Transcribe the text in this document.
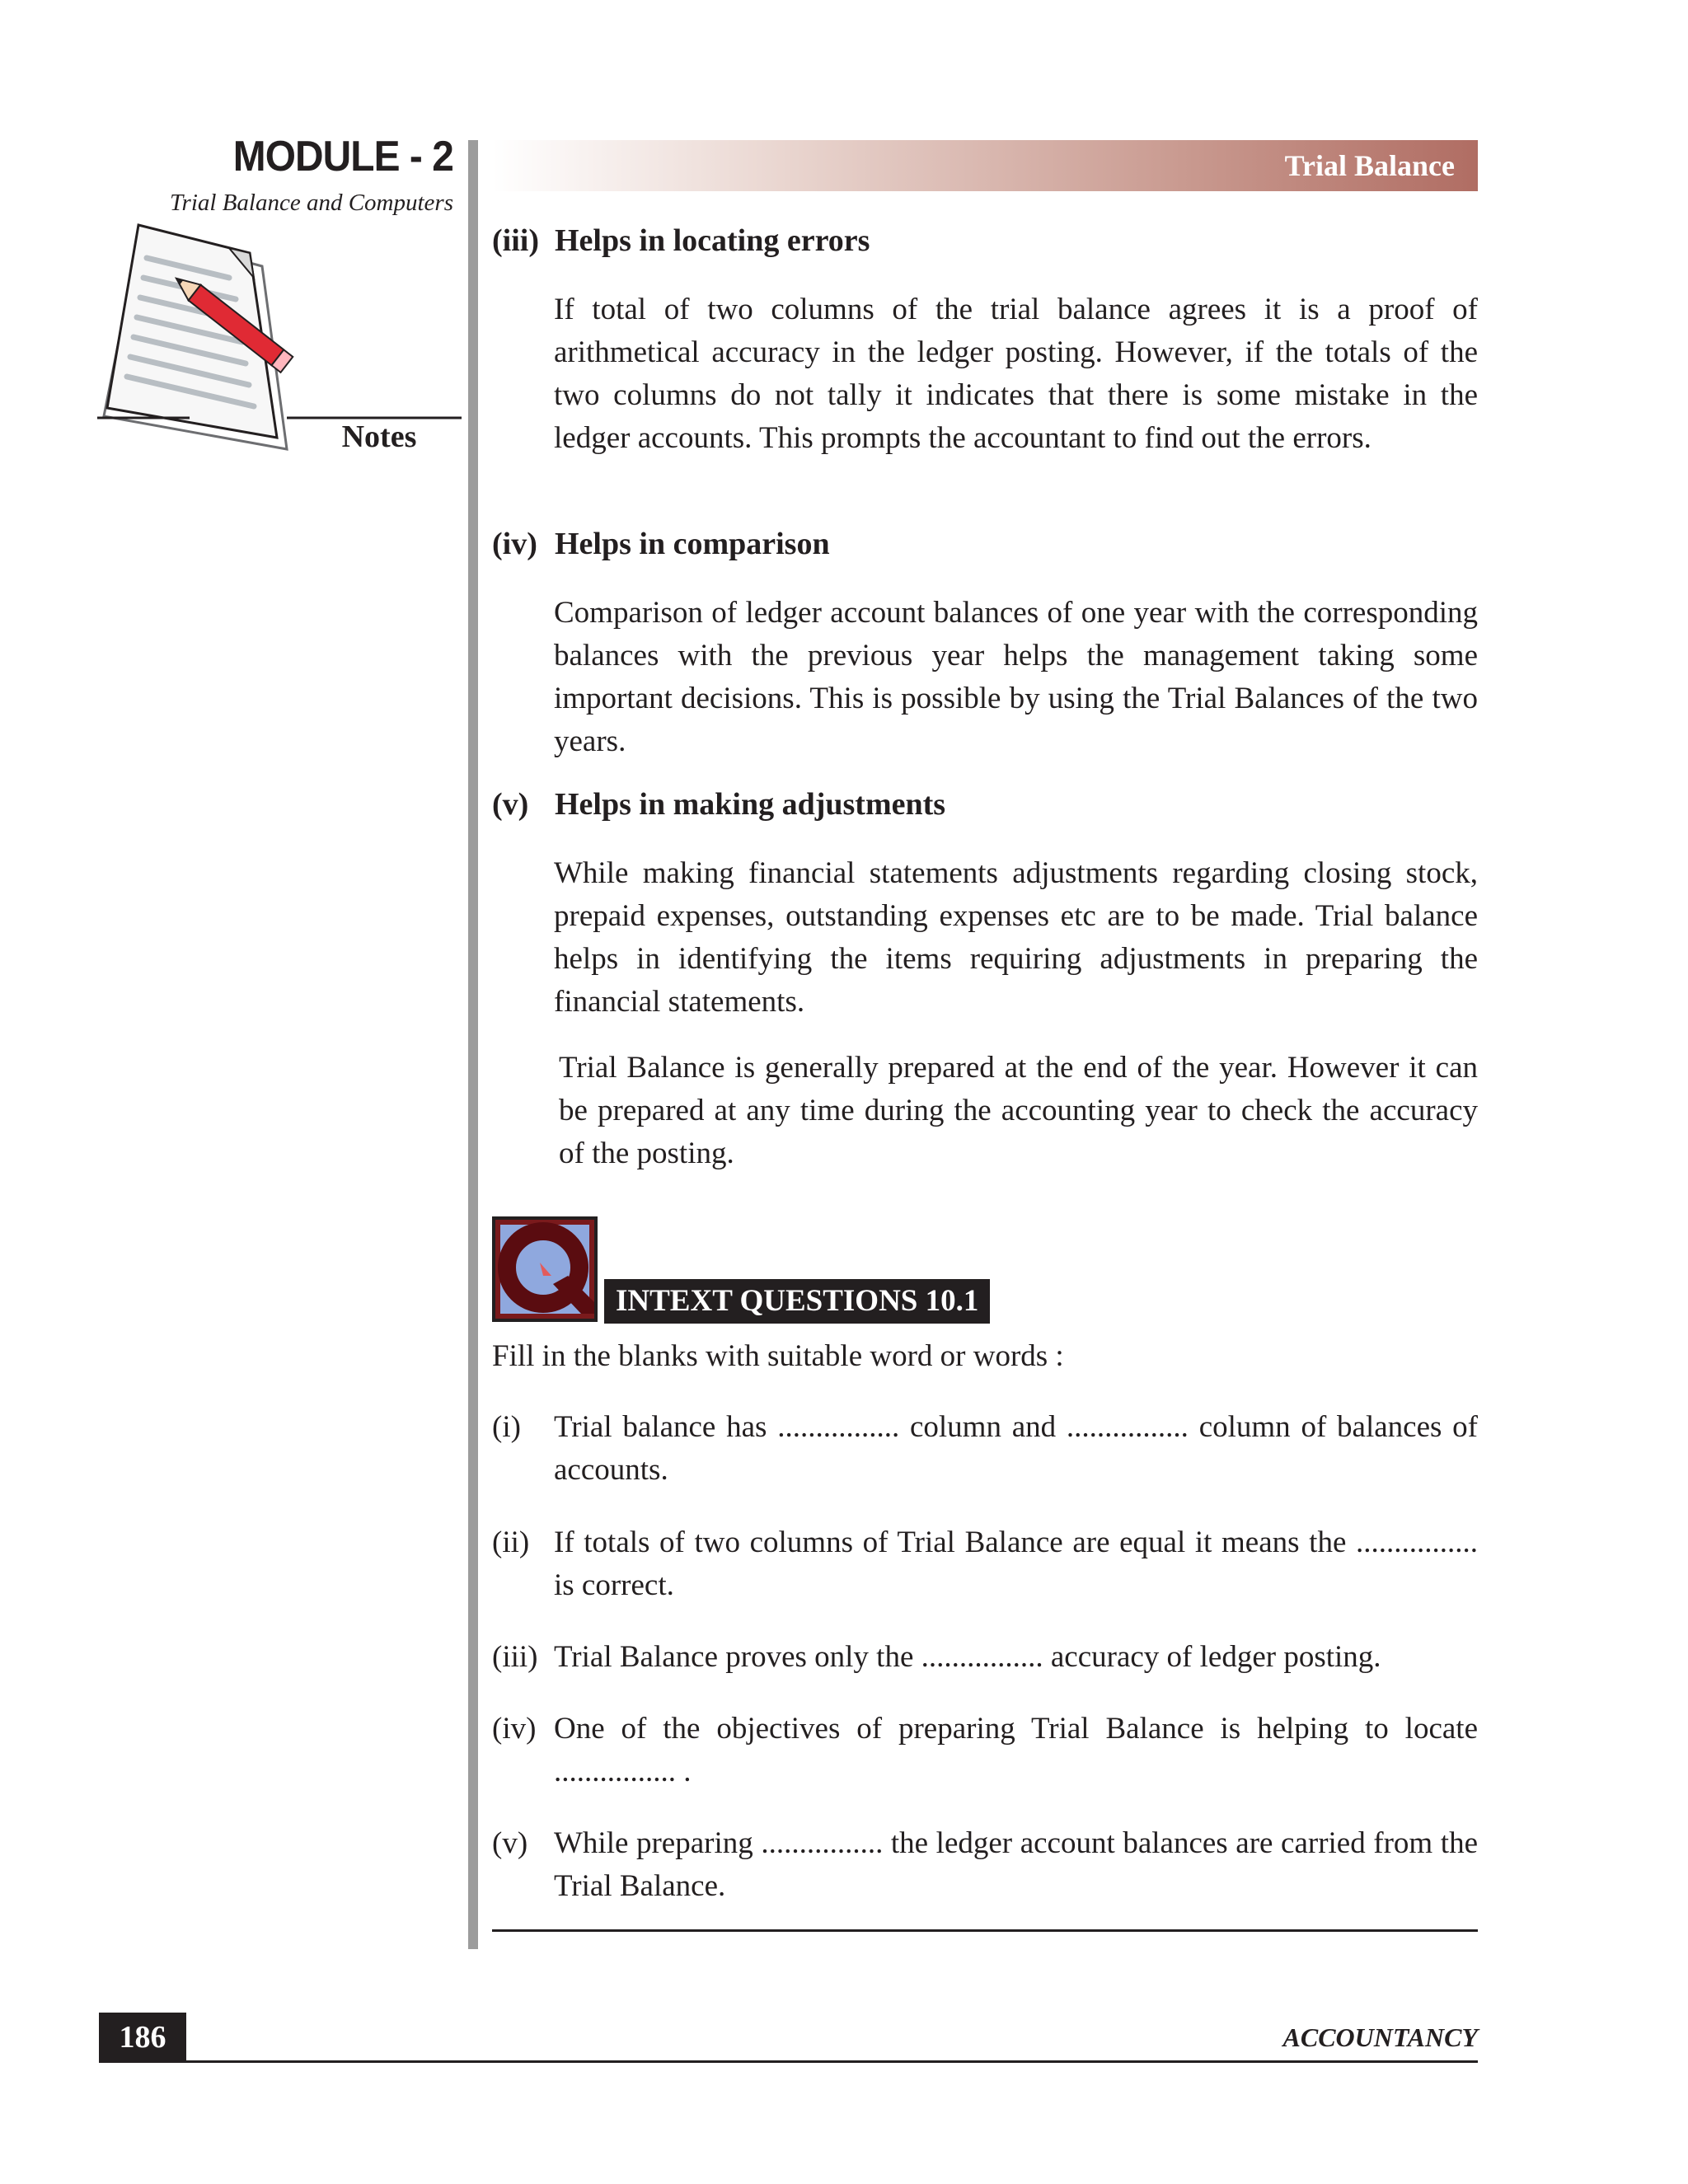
MODULE - 2
Trial Balance and Computers
Notes
Trial Balance
(iii) Helps in locating errors
If total of two columns of the trial balance agrees it is a proof of arithmetical accuracy in the ledger posting. However, if the totals of the two columns do not tally it indicates that there is some mistake in the ledger accounts. This prompts the accountant to find out the errors.
(iv) Helps in comparison
Comparison of ledger account balances of one year with the corresponding balances with the previous year helps the management taking some important decisions. This is possible by using the Trial Balances of the two years.
(v) Helps in making adjustments
While making financial statements adjustments regarding closing stock, prepaid expenses, outstanding expenses etc are to be made. Trial balance helps in identifying the items requiring adjustments in preparing the financial statements.
Trial Balance is generally prepared at the end of the year. However it can be prepared at any time during the accounting year to check the accuracy of the posting.
INTEXT QUESTIONS 10.1
Fill in the blanks with suitable word or words :
(i) Trial balance has ................ column and ................ column of balances of accounts.
(ii) If totals of two columns of Trial Balance are equal it means the ................ is correct.
(iii) Trial Balance proves only the ................ accuracy of ledger posting.
(iv) One of the objectives of preparing Trial Balance is helping to locate ................ .
(v) While preparing ................ the ledger account balances are carried from the Trial Balance.
186	ACCOUNTANCY
